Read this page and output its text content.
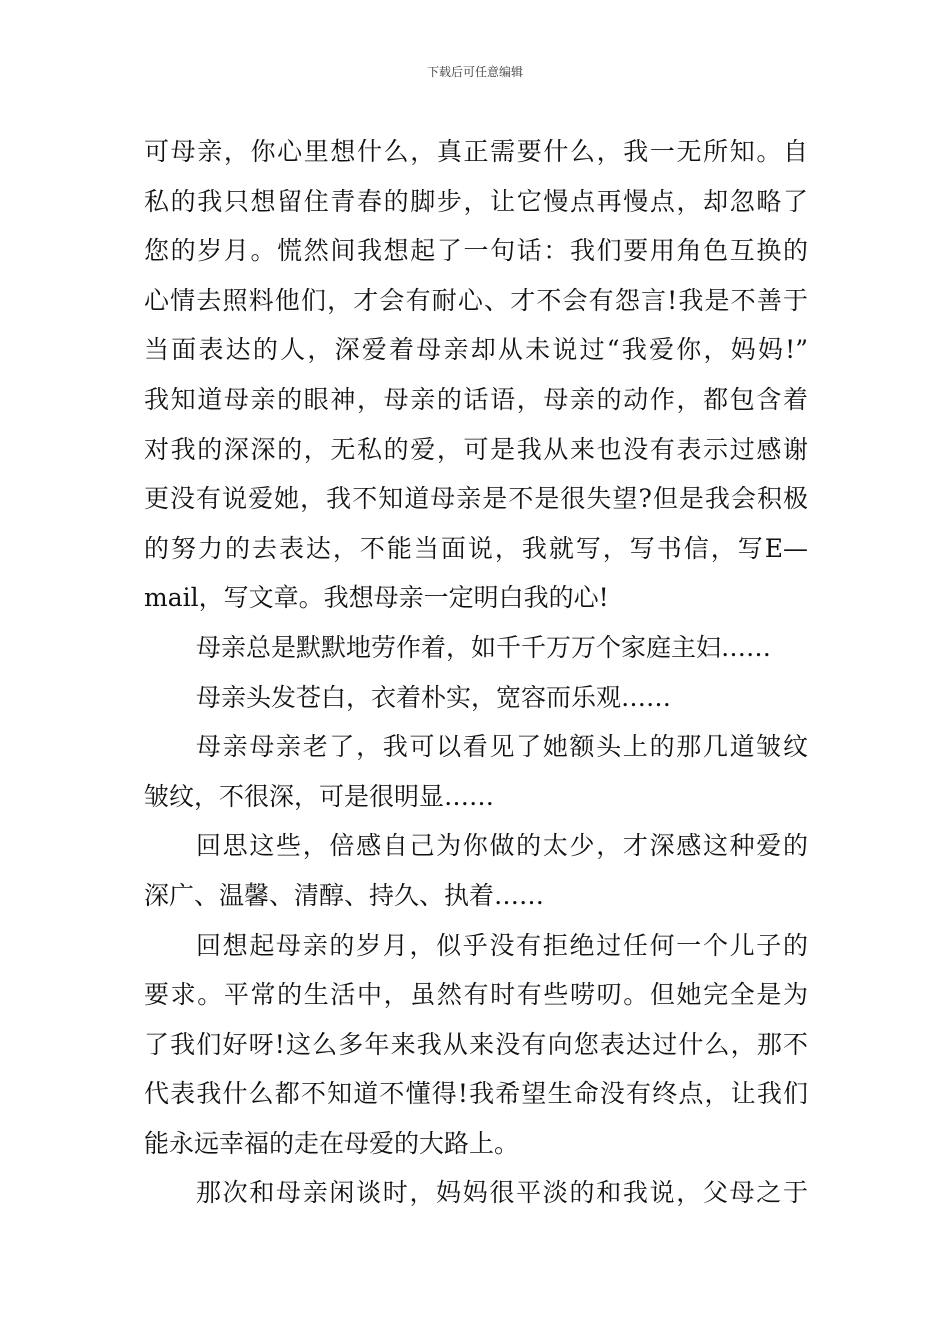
下载后可任意编辑
可母亲，你心里想什么，真正需要什么，我一无所知。自
私的我只想留住青春的脚步，让它慢点再慢点，却忽略了
您的岁月。慌然间我想起了一句话：我们要用角色互换的
心情去照料他们，才会有耐心、才不会有怨言!我是不善于
当面表达的人，深爱着母亲却从未说过“我爱你，妈妈!”
我知道母亲的眼神，母亲的话语，母亲的动作，都包含着
对我的深深的，无私的爱，可是我从来也没有表示过感谢
更没有说爱她，我不知道母亲是不是很失望?但是我会积极
的努力的去表达，不能当面说，我就写，写书信，写E—
mail，写文章。我想母亲一定明白我的心!
母亲总是默默地劳作着，如千千万万个家庭主妇……
母亲头发苍白，衣着朴实，宽容而乐观……
母亲母亲老了，我可以看见了她额头上的那几道皱纹
皱纹，不很深，可是很明显……
回思这些，倍感自己为你做的太少，才深感这种爱的
深广、温馨、清醇、持久、执着……
回想起母亲的岁月，似乎没有拒绝过任何一个儿子的
要求。平常的生活中，虽然有时有些唠叨。但她完全是为
了我们好呀!这么多年来我从来没有向您表达过什么，那不
代表我什么都不知道不懂得!我希望生命没有终点，让我们
能永远幸福的走在母爱的大路上。
那次和母亲闲谈时，妈妈很平淡的和我说，父母之于
